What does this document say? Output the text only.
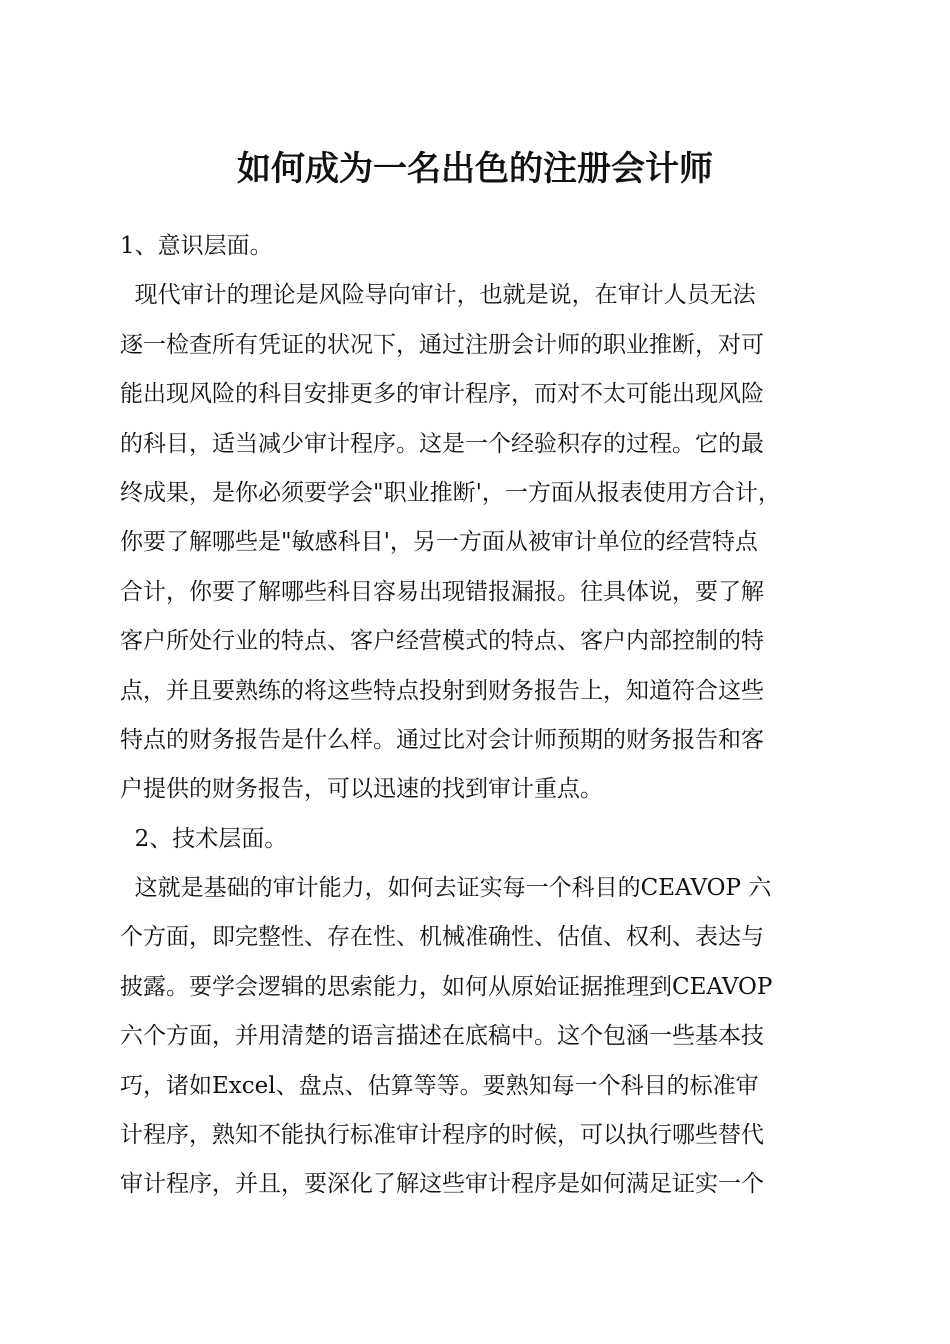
如何成为一名出色的注册会计师
1、意识层面。
现代审计的理论是风险导向审计，也就是说，在审计人员无法
逐一检查所有凭证的状况下，通过注册会计师的职业推断，对可
能出现风险的科目安排更多的审计程序，而对不太可能出现风险
的科目，适当减少审计程序。这是一个经验积存的过程。它的最
终成果，是你必须要学会"职业推断'，一方面从报表使用方合计，
你要了解哪些是"敏感科目'，另一方面从被审计单位的经营特点
合计，你要了解哪些科目容易出现错报漏报。往具体说，要了解
客户所处行业的特点、客户经营模式的特点、客户内部控制的特
点，并且要熟练的将这些特点投射到财务报告上，知道符合这些
特点的财务报告是什么样。通过比对会计师预期的财务报告和客
户提供的财务报告，可以迅速的找到审计重点。
2、技术层面。
这就是基础的审计能力，如何去证实每一个科目的CEAVOP 六
个方面，即完整性、存在性、机械准确性、估值、权利、表达与
披露。要学会逻辑的思索能力，如何从原始证据推理到CEAVOP
六个方面，并用清楚的语言描述在底稿中。这个包涵一些基本技
巧，诸如Excel、盘点、估算等等。要熟知每一个科目的标准审
计程序，熟知不能执行标准审计程序的时候，可以执行哪些替代
审计程序，并且，要深化了解这些审计程序是如何满足证实一个
